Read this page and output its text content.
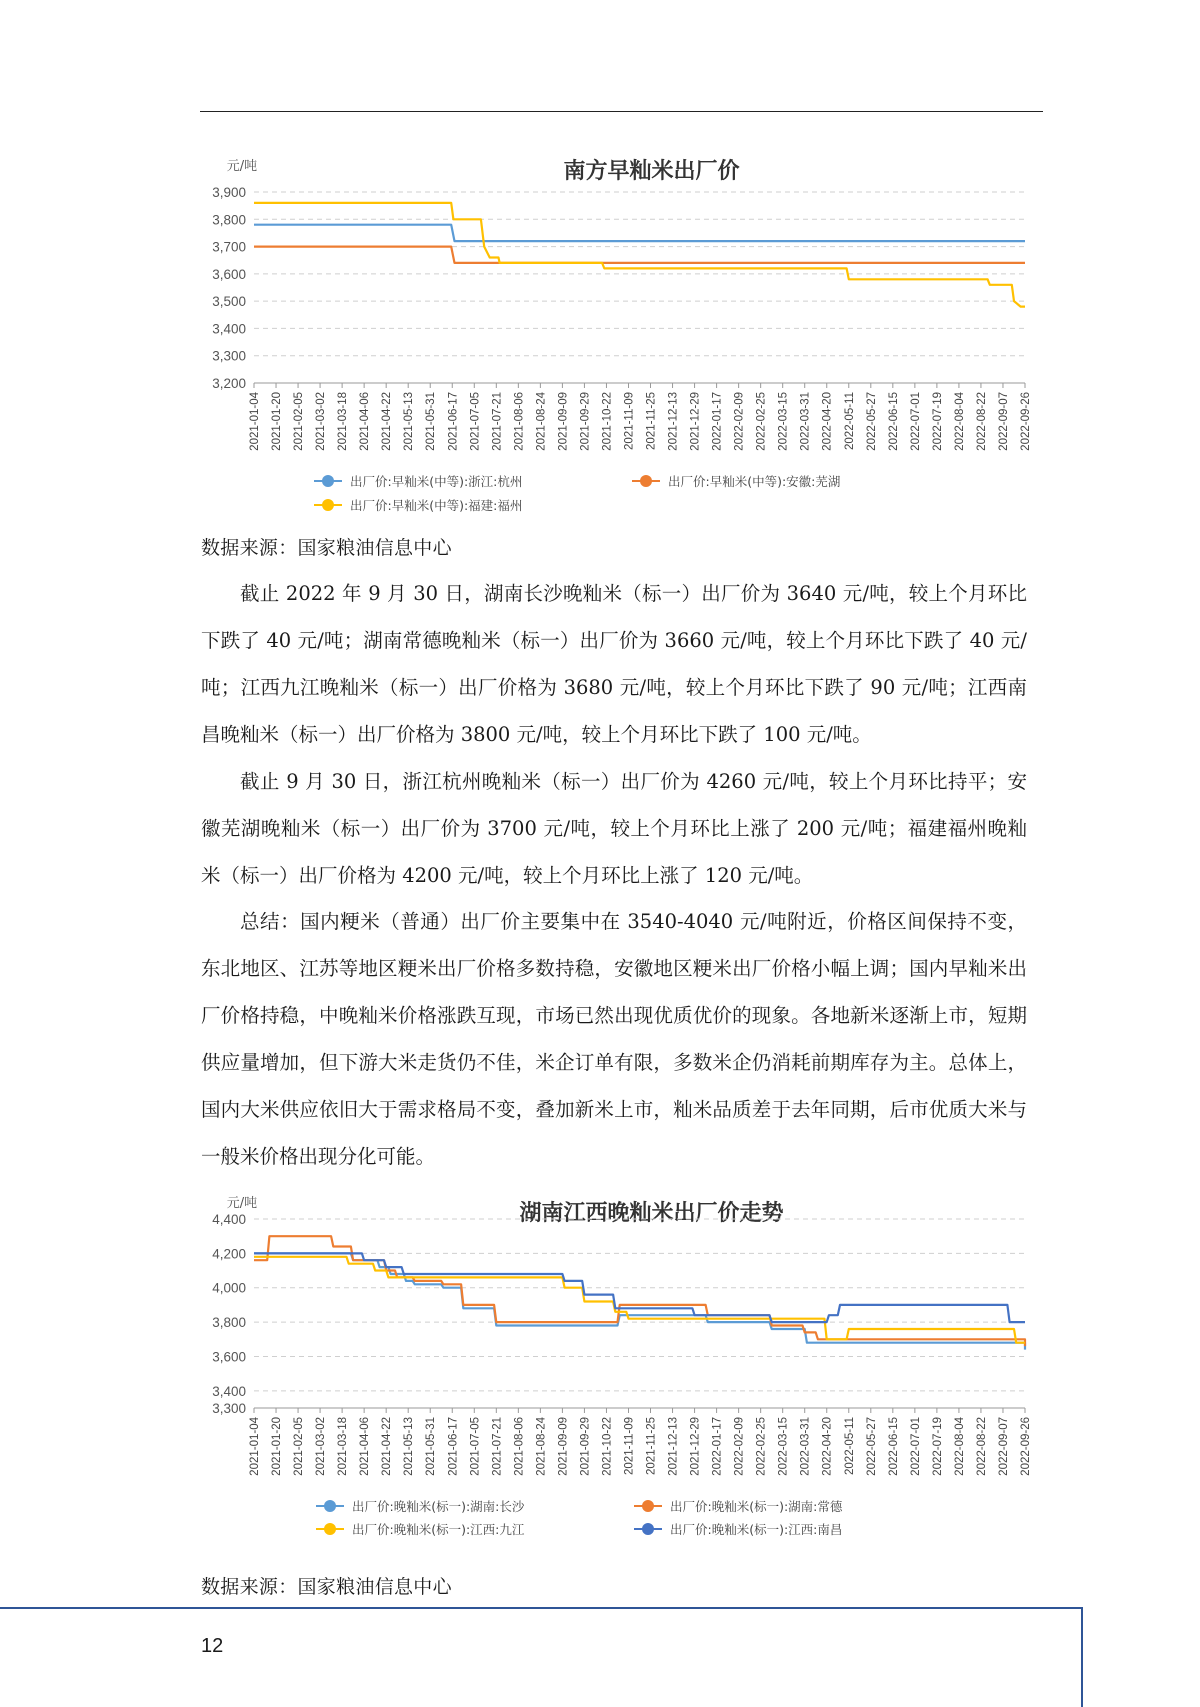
南方早籼米出厂价
元/吨
3,200
3,300
3,400
3,500
3,600
3,700
3,800
3,900
2021-01-04 2021-01-20 2021-02-05 2021-03-02 2021-03-18 2021-04-06 2021-04-22 2021-05-13 2021-05-31 2021-06-17 2021-07-05 2021-07-21 2021-08-06 2021-08-24 2021-09-09 2021-09-29 2021-10-22 2021-11-09 2021-11-25 2021-12-13 2021-12-29 2022-01-17 2022-02-09 2022-02-25 2022-03-15 2022-03-31 2022-04-20 2022-05-11 2022-05-27 2022-06-15 2022-07-01 2022-07-19 2022-08-04 2022-08-22 2022-09-07 2022-09-26
出厂价:早籼米(中等):浙江:杭州	出厂价:早籼米(中等):安徽:芜湖
出厂价:早籼米(中等):福建:福州
数据来源：国家粮油信息中心

截止 2022 年 9 月 30 日，湖南长沙晚籼米（标一）出厂价为 3640 元/吨，较上个月环比下跌了 40 元/吨；湖南常德晚籼米（标一）出厂价为 3660 元/吨，较上个月环比下跌了 40 元/吨；江西九江晚籼米（标一）出厂价格为 3680 元/吨，较上个月环比下跌了 90 元/吨；江西南昌晚籼米（标一）出厂价格为 3800 元/吨，较上个月环比下跌了 100 元/吨。

截止 9 月 30 日，浙江杭州晚籼米（标一）出厂价为 4260 元/吨，较上个月环比持平；安徽芜湖晚籼米（标一）出厂价为 3700 元/吨，较上个月环比上涨了 200 元/吨；福建福州晚籼米（标一）出厂价格为 4200 元/吨，较上个月环比上涨了 120 元/吨。

总结：国内粳米（普通）出厂价主要集中在 3540-4040 元/吨附近，价格区间保持不变，东北地区、江苏等地区粳米出厂价格多数持稳，安徽地区粳米出厂价格小幅上调；国内早籼米出厂价格持稳，中晚籼米价格涨跌互现，市场已然出现优质优价的现象。各地新米逐渐上市，短期供应量增加，但下游大米走货仍不佳，米企订单有限，多数米企仍消耗前期库存为主。总体上，国内大米供应依旧大于需求格局不变，叠加新米上市，籼米品质差于去年同期，后市优质大米与一般米价格出现分化可能。

湖南江西晚籼米出厂价走势
元/吨
3,300
3,400
3,600
3,800
4,000
4,200
4,400
2021-01-04 2021-01-20 2021-02-05 2021-03-02 2021-03-18 2021-04-06 2021-04-22 2021-05-13 2021-05-31 2021-06-17 2021-07-05 2021-07-21 2021-08-06 2021-08-24 2021-09-09 2021-09-29 2021-10-22 2021-11-09 2021-11-25 2021-12-13 2021-12-29 2022-01-17 2022-02-09 2022-02-25 2022-03-15 2022-03-31 2022-04-20 2022-05-11 2022-05-27 2022-06-15 2022-07-01 2022-07-19 2022-08-04 2022-08-22 2022-09-07 2022-09-26
出厂价:晚籼米(标一):湖南:长沙	出厂价:晚籼米(标一):湖南:常德
出厂价:晚籼米(标一):江西:九江	出厂价:晚籼米(标一):江西:南昌
数据来源：国家粮油信息中心
12
